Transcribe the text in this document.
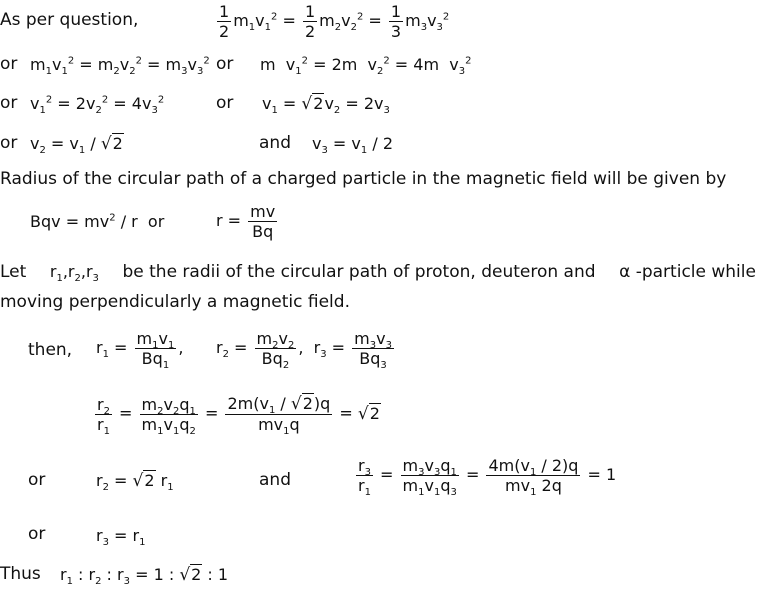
As per question,	$\frac{1}{2} m_1v_1^2 = \frac{1}{2} m_2v_2^2 = \frac{1}{3} m_3v_3^2$
or $m_1v_1^2 = m_2v_2^2 = m_3v_3^2$ or m  $v_1^2 = 2m$  $v_2^2 = 4m$  $v_3^2$
or $v_1^2 = 2v_2^2 = 4v_3^2$	or $v_1 = √2v_2 = 2v_3$
or $v_2 = v_1 / √2$	and $v_3 = v_1 / 2$
Radius of the circular path of a charged particle in the magnetic field will be given by
Bqv = $mv^2$ / r  or	$r = \frac{mv}{Bq}$
Let $r_1,r_2,r_3$ be the radii of the circular path of proton, deuteron and α -particle while
moving perpendicularly a magnetic field.
then, $r_1 = \frac{m_1v_1}{Bq_1}$ , $r_2 = \frac{m_2v_2}{Bq_2}$ ,  $r_3 = \frac{m_3v_3}{Bq_3}$
$\frac{r_2}{r_1} = \frac{m_2v_2q_1}{m_1v_1q_2} = \frac{2m(v_1 / √2)q}{mv_1q} = √2$
or	$r_2 = √2$ $r_1$	and	$\frac{r_3}{r_1} = \frac{m_3v_3q_1}{m_1v_1q_3} = \frac{4m(v_1 / 2)q}{mv_1 2q} = 1$
or	$r_3 = r_1$
Thus $r_1$ : $r_2$ : $r_3 = 1$ : √2 : 1
